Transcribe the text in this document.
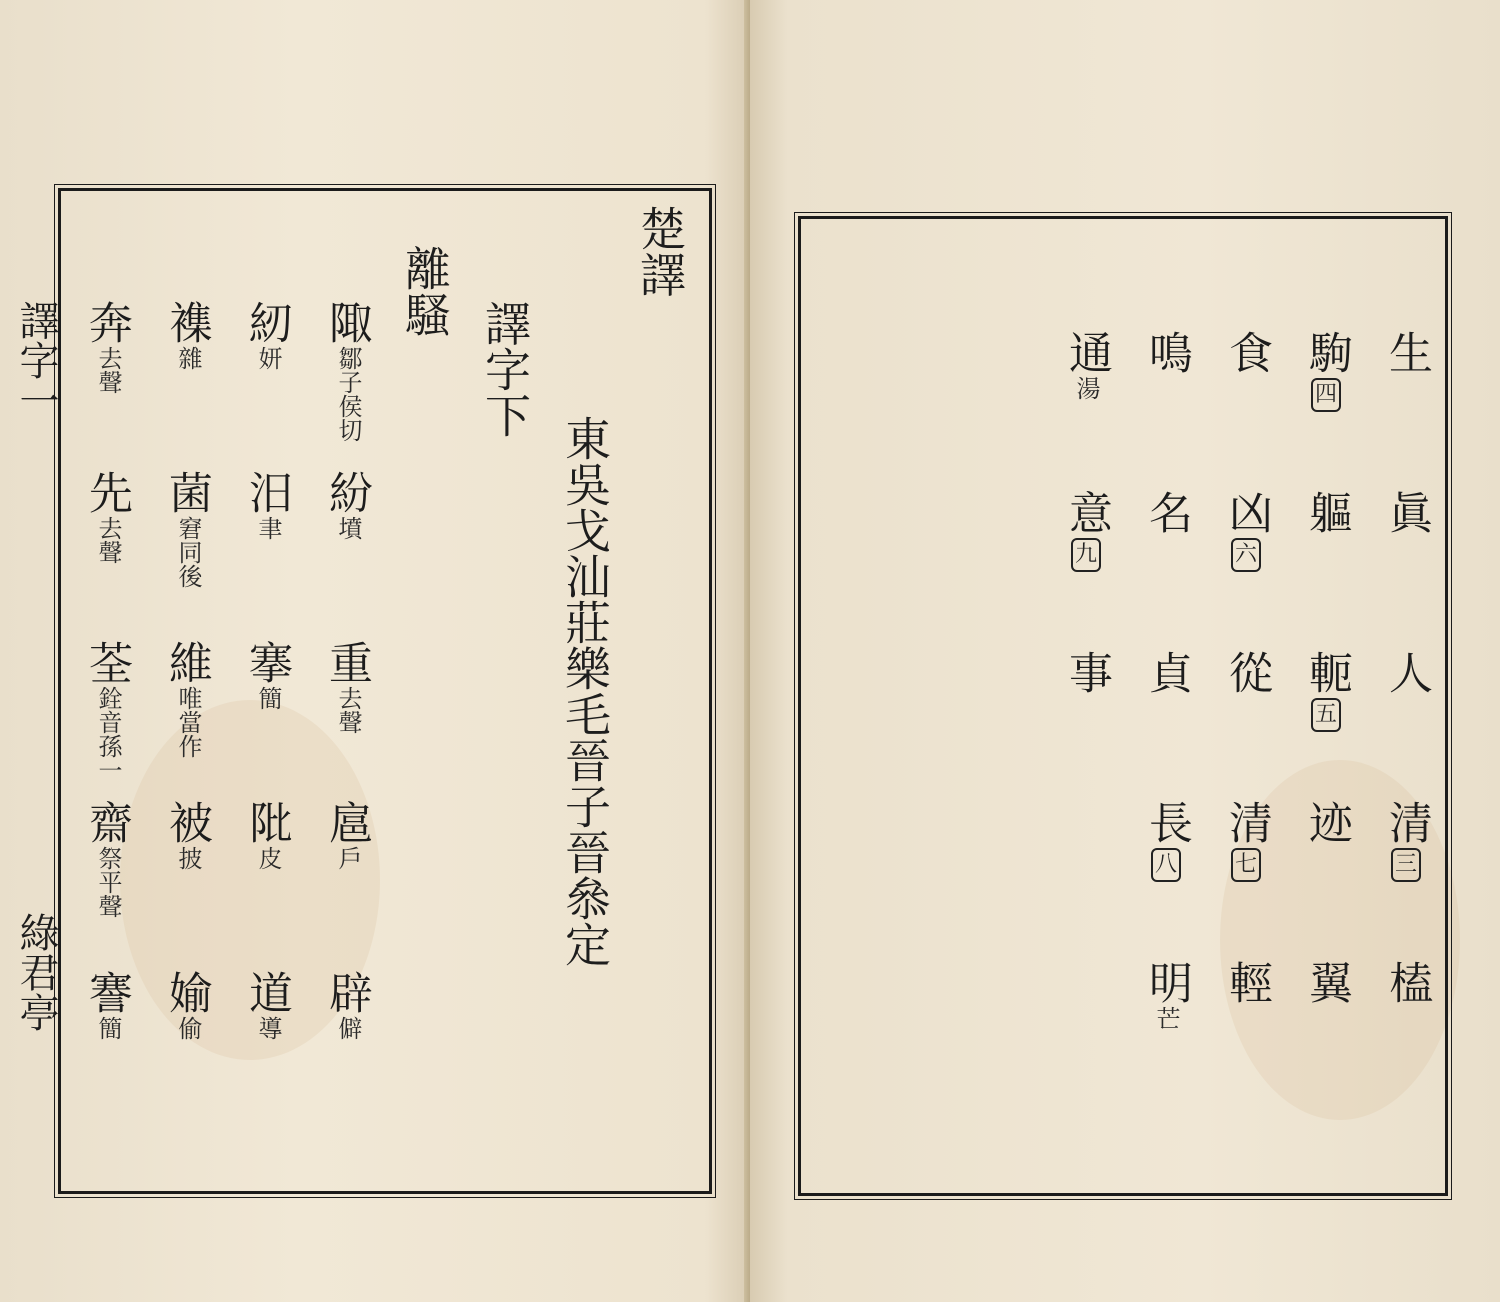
譯字一
綠君亭
楚譯
東吳戈汕莊樂毛晉子晉叅定
譯字下
離騷
陬
鄒子侯切
紛
墳
重
去聲
扈
戶
辟
僻
紉
妍
汨
聿
搴
簡
阰
皮
道
導
襍
雜
菌
窘同後
維
唯當作
被
披
媮
偷
奔
去聲
先
去聲
荃
銓音孫一
齋
祭平聲
謇
簡
生
眞
人
清
三
榼
駒
四
軀
軛
五
迹
翼
食
凶
六
從
清
七
輕
鳴
名
貞
長
八
明
芒
通
湯
意
九
事
